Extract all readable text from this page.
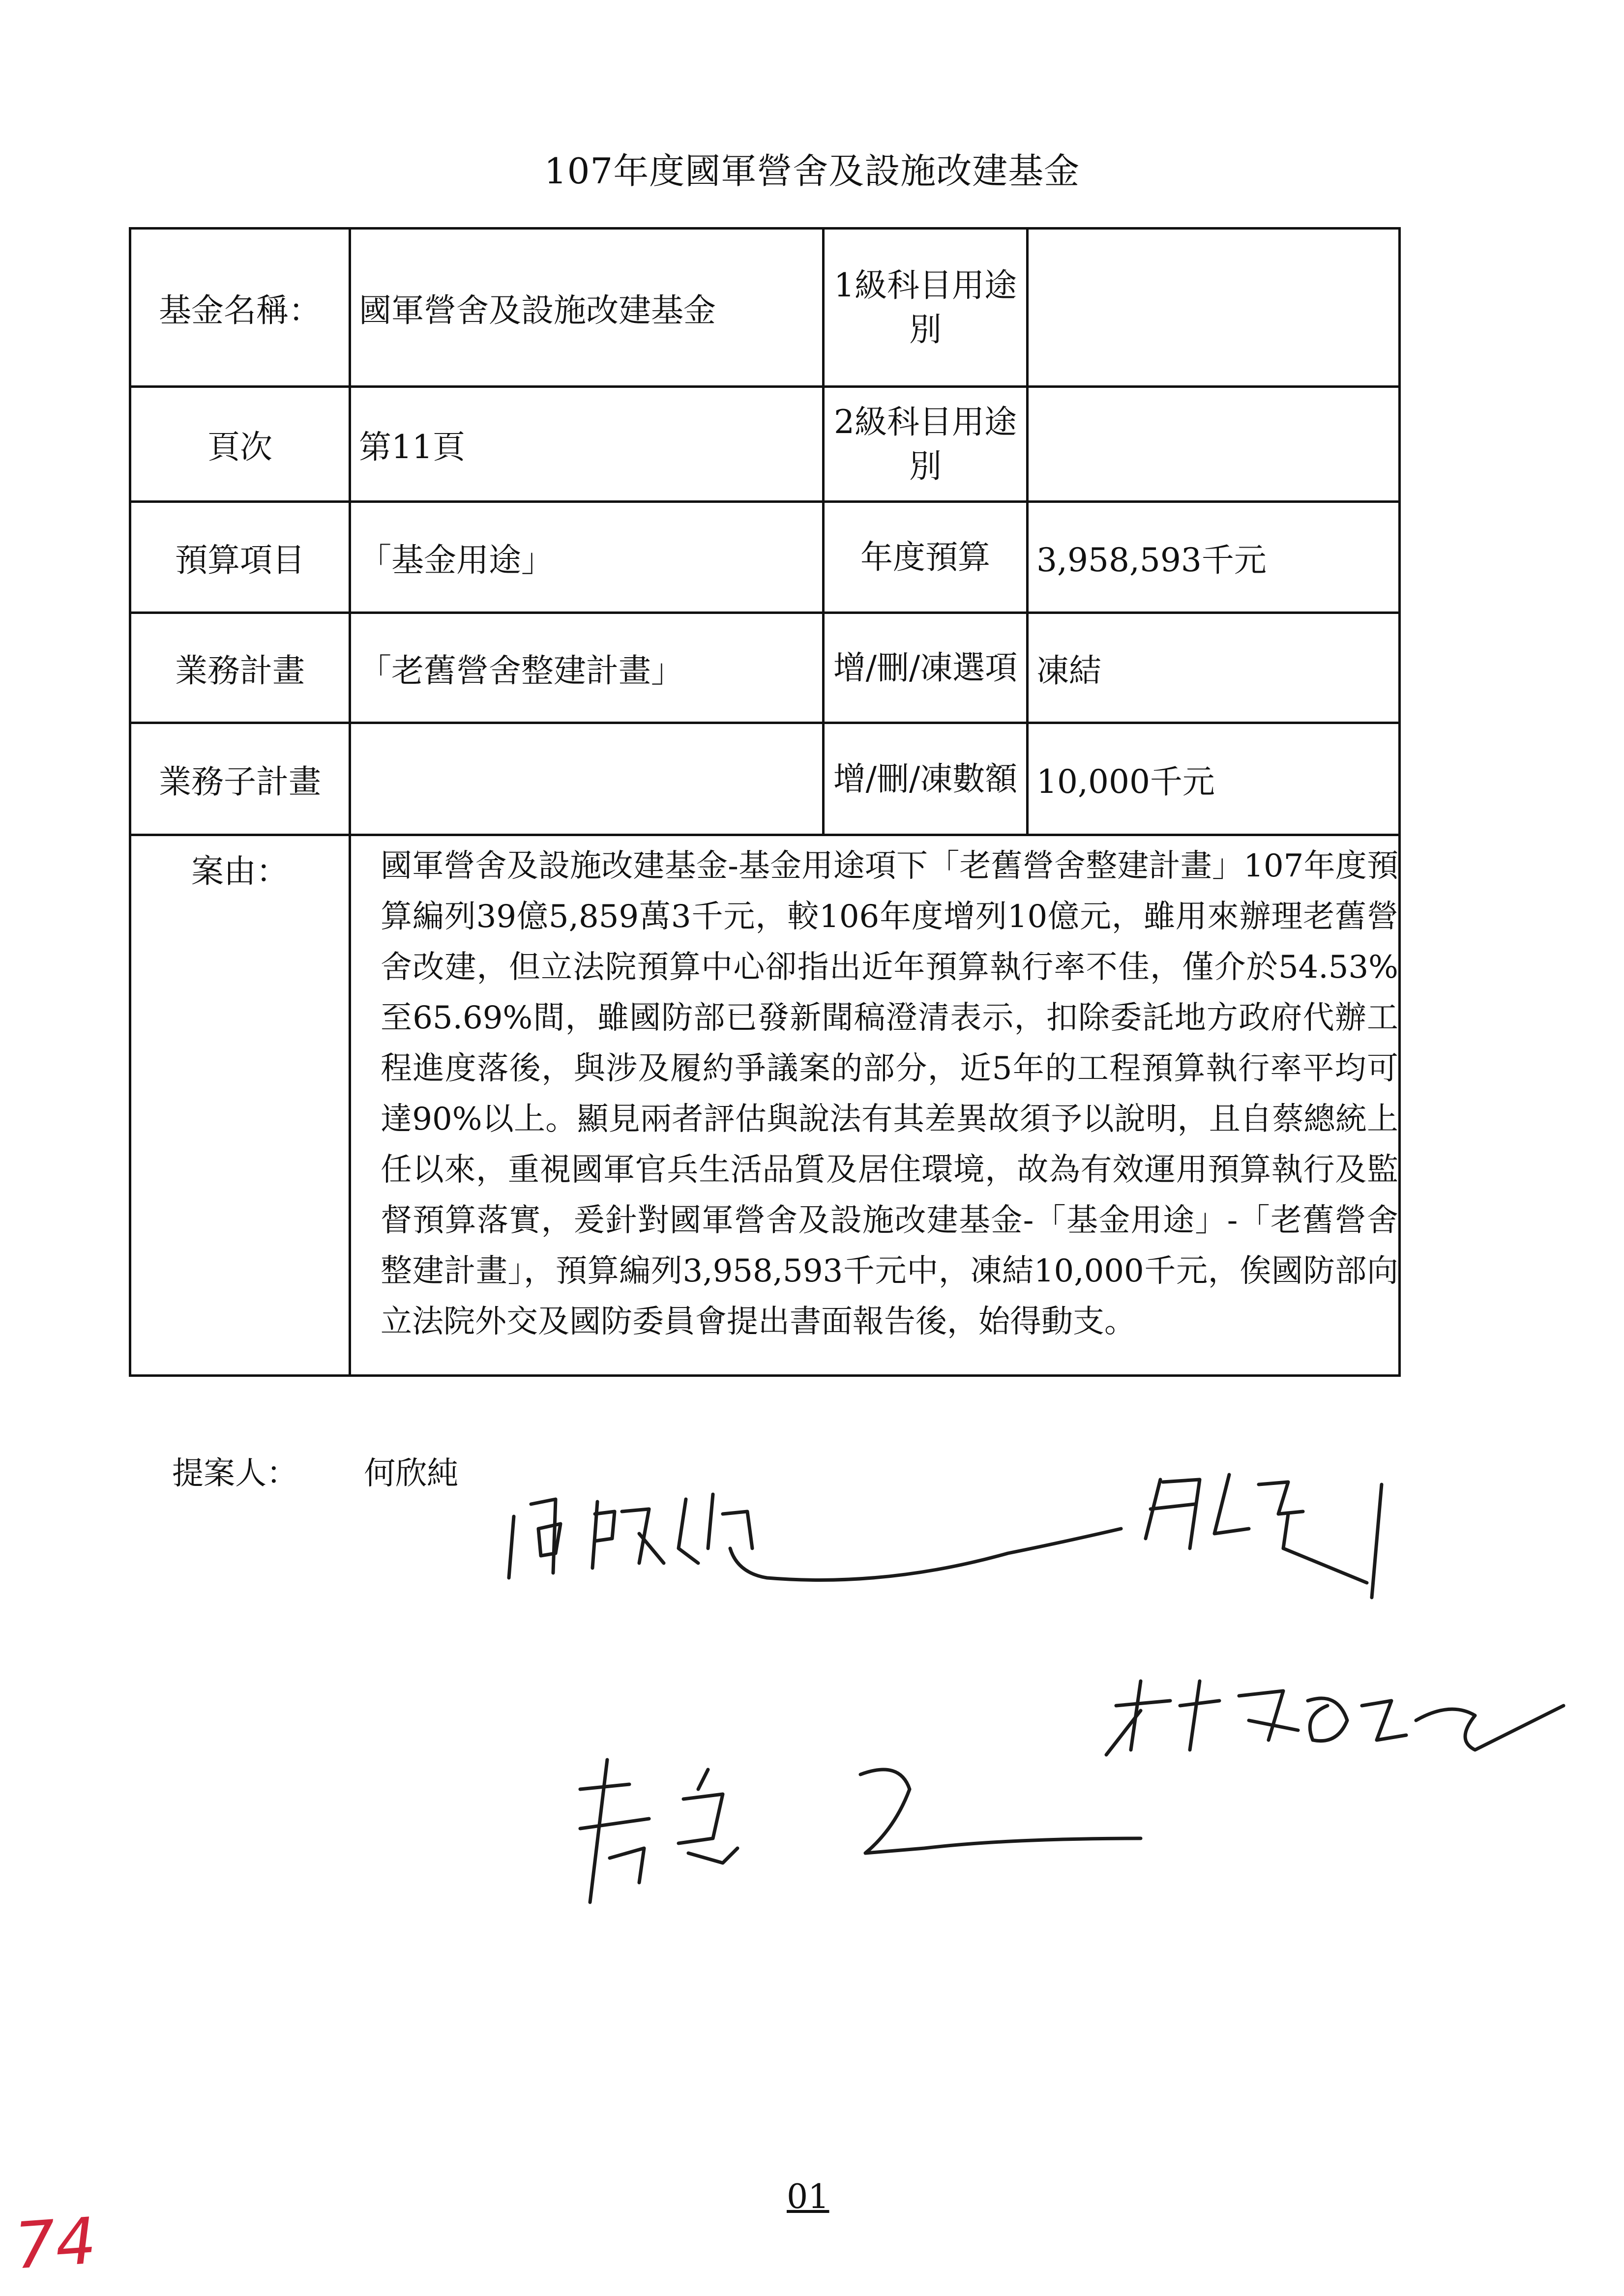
107年度國軍營舍及設施改建基金
基金名稱：	國軍營舍及設施改建基金	1級科目用途別	
頁次	第11頁	2級科目用途別	
預算項目	「基金用途」	年度預算	3,958,593千元
業務計畫	「老舊營舍整建計畫」	增/刪/凍選項	凍結
業務子計畫		增/刪/凍數額	10,000千元
案由：	國軍營舍及設施改建基金-基金用途項下「老舊營舍整建計畫」107年度預算編列39億5,859萬3千元，較106年度增列10億元，雖用來辦理老舊營舍改建，但立法院預算中心卻指出近年預算執行率不佳，僅介於54.53%至65.69%間，雖國防部已發新聞稿澄清表示，扣除委託地方政府代辦工程進度落後，與涉及履約爭議案的部分，近5年的工程預算執行率平均可達90%以上。顯見兩者評估與說法有其差異故須予以說明，且自蔡總統上任以來，重視國軍官兵生活品質及居住環境，故為有效運用預算執行及監督預算落實，爰針對國軍營舍及設施改建基金-「基金用途」-「老舊營舍整建計畫」，預算編列3,958,593千元中，凍結10,000千元，俟國防部向立法院外交及國防委員會提出書面報告後，始得動支。		
提案人： 何欣純
01
74
